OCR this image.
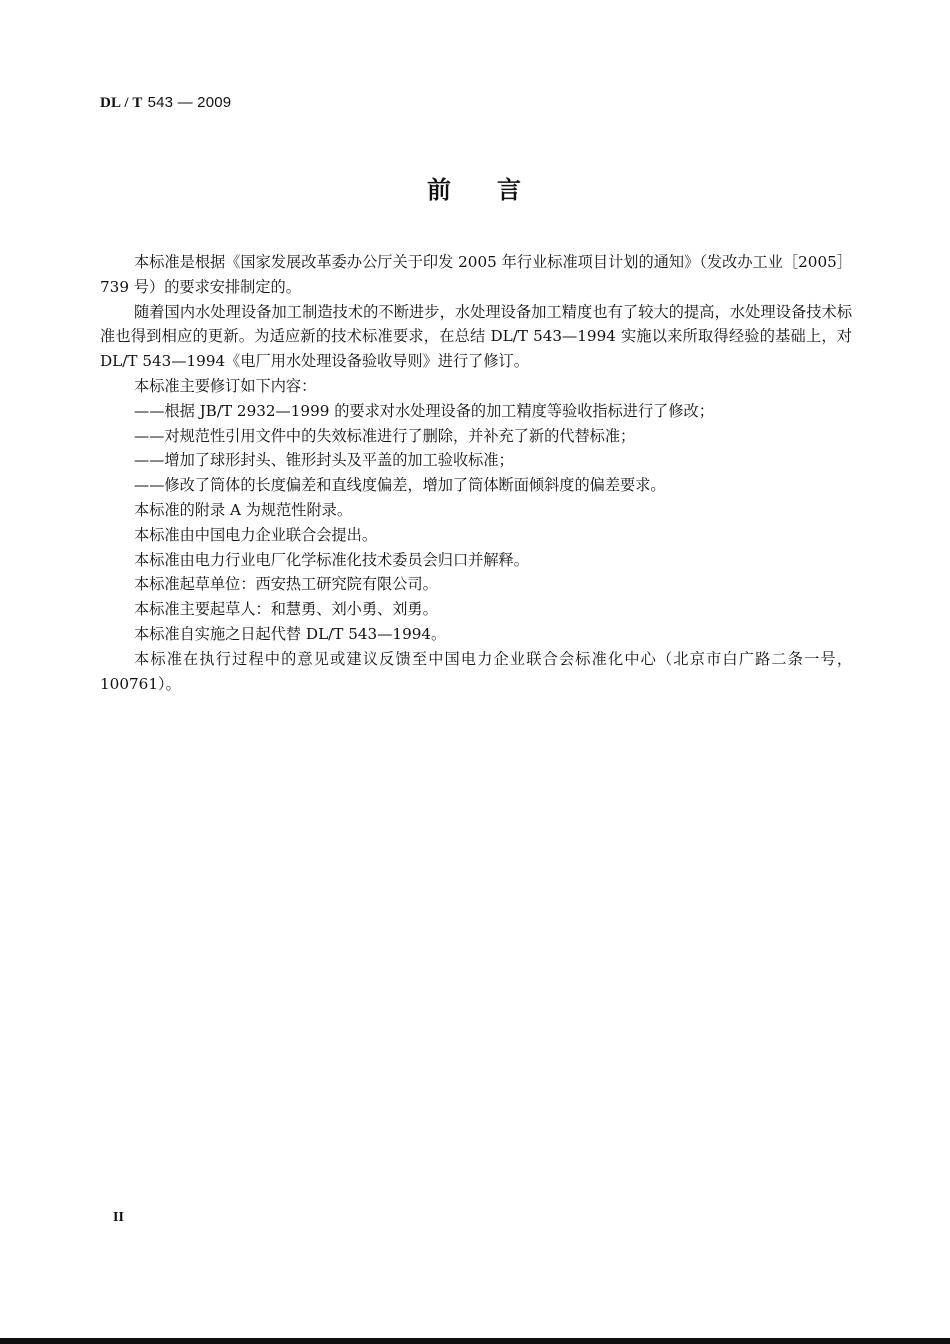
DL / T 543 — 2009
前 言

本标准是根据《国家发展改革委办公厅关于印发 2005 年行业标准项目计划的通知》（发改办工业［2005］739 号）的要求安排制定的。

随着国内水处理设备加工制造技术的不断进步，水处理设备加工精度也有了较大的提高，水处理设备技术标准也得到相应的更新。为适应新的技术标准要求，在总结 DL/T 543—1994 实施以来所取得经验的基础上，对 DL/T 543—1994《电厂用水处理设备验收导则》进行了修订。

本标准主要修订如下内容：

——根据 JB/T 2932—1999 的要求对水处理设备的加工精度等验收指标进行了修改；

——对规范性引用文件中的失效标准进行了删除，并补充了新的代替标准；

——增加了球形封头、锥形封头及平盖的加工验收标准；

——修改了筒体的长度偏差和直线度偏差，增加了筒体断面倾斜度的偏差要求。

本标准的附录 A 为规范性附录。

本标准由中国电力企业联合会提出。

本标准由电力行业电厂化学标准化技术委员会归口并解释。

本标准起草单位：西安热工研究院有限公司。

本标准主要起草人：和慧勇、刘小勇、刘勇。

本标准自实施之日起代替 DL/T 543—1994。

本标准在执行过程中的意见或建议反馈至中国电力企业联合会标准化中心（北京市白广路二条一号，100761）。

II
